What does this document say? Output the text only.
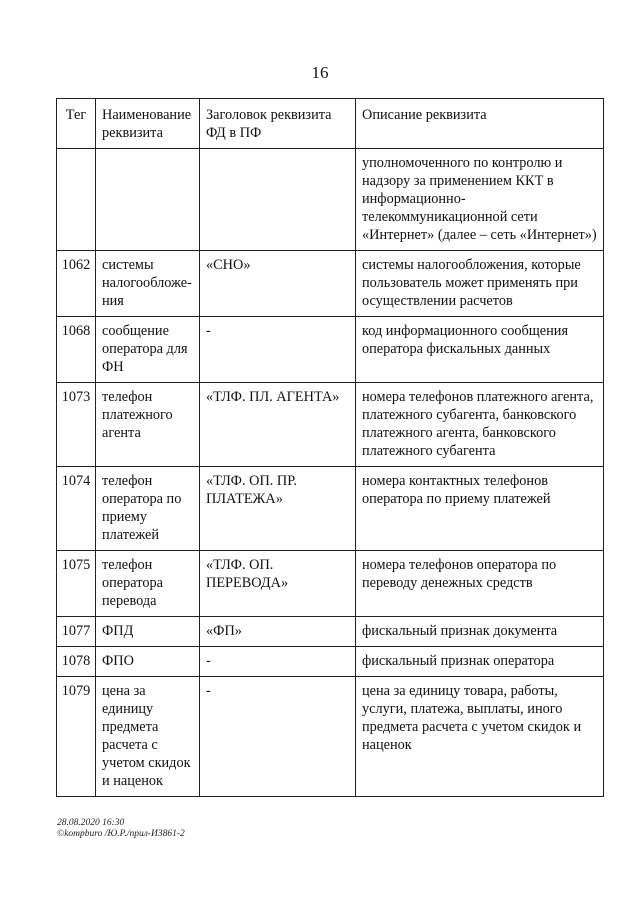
16
Тег	Наименование реквизита	Заголовок реквизита ФД в ПФ	Описание реквизита
			уполномоченного по контролю и надзору за применением ККТ в информационно-телекоммуникационной сети «Интернет» (далее – сеть «Интернет»)
1062	системы налогообложе-ния	«СНО»	системы налогообложения, которые пользователь может применять при осуществлении расчетов
1068	сообщение оператора для ФН	-	код информационного сообщения оператора фискальных данных
1073	телефон платежного агента	«ТЛФ. ПЛ. АГЕНТА»	номера телефонов платежного агента, платежного субагента, банковского платежного агента, банковского платежного субагента
1074	телефон оператора по приему платежей	«ТЛФ. ОП. ПР. ПЛАТЕЖА»	номера контактных телефонов оператора по приему платежей
1075	телефон оператора перевода	«ТЛФ. ОП. ПЕРЕВОДА»	номера телефонов оператора по переводу денежных средств
1077	ФПД	«ФП»	фискальный признак документа
1078	ФПО	-	фискальный признак оператора
1079	цена за единицу предмета расчета с учетом скидок и наценок	-	цена за единицу товара, работы, услуги, платежа, выплаты, иного предмета расчета с учетом скидок и наценок
28.08.2020 16:30
©kompburo /Ю.Р./прил-И3861-2
